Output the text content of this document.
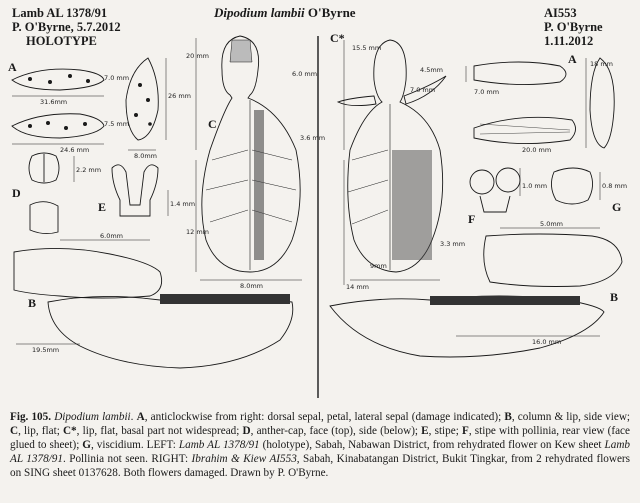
Lamb AL 1378/91
P. O'Byrne, 5.7.2012
HOLOTYPE
Dipodium lambii O'Byrne	AI553
P. O'Byrne
1.11.2012
A
A
B	B
C
C*
D
E
F
G
31.6mm
24.6 mm
7.0 mm
7.5 mm
8.0mm
26 mm
2.2 mm
1.4 mm
20 mm
6.0 mm
3.6 mm
12 mm
8.0mm
6.0mm
19.5mm
15.5 mm
4.5mm
7.0 mm
3.3 mm
9mm
14 mm
7.0 mm
20.0 mm
18 mm
1.0 mm	0.8 mm
5.0mm
16.0 mm
Fig. 105. Dipodium lambii. A, anticlockwise from right: dorsal sepal, petal, lateral sepal (damage indicated); B, column & lip, side view; C, lip, flat; C*, lip, flat, basal part not widespread; D, anther-cap, face (top), side (below); E, stipe; F, stipe with pollinia, rear view (face glued to sheet); G, viscidium. LEFT: Lamb AL 1378/91 (holotype), Sabah, Nabawan District, from rehydrated flower on Kew sheet Lamb AL 1378/91. Pollinia not seen. RIGHT: Ibrahim & Kiew AI553, Sabah, Kinabatangan District, Bukit Tingkar, from 2 rehydrated flowers on SING sheet 0137628. Both flowers damaged. Drawn by P. O'Byrne.
